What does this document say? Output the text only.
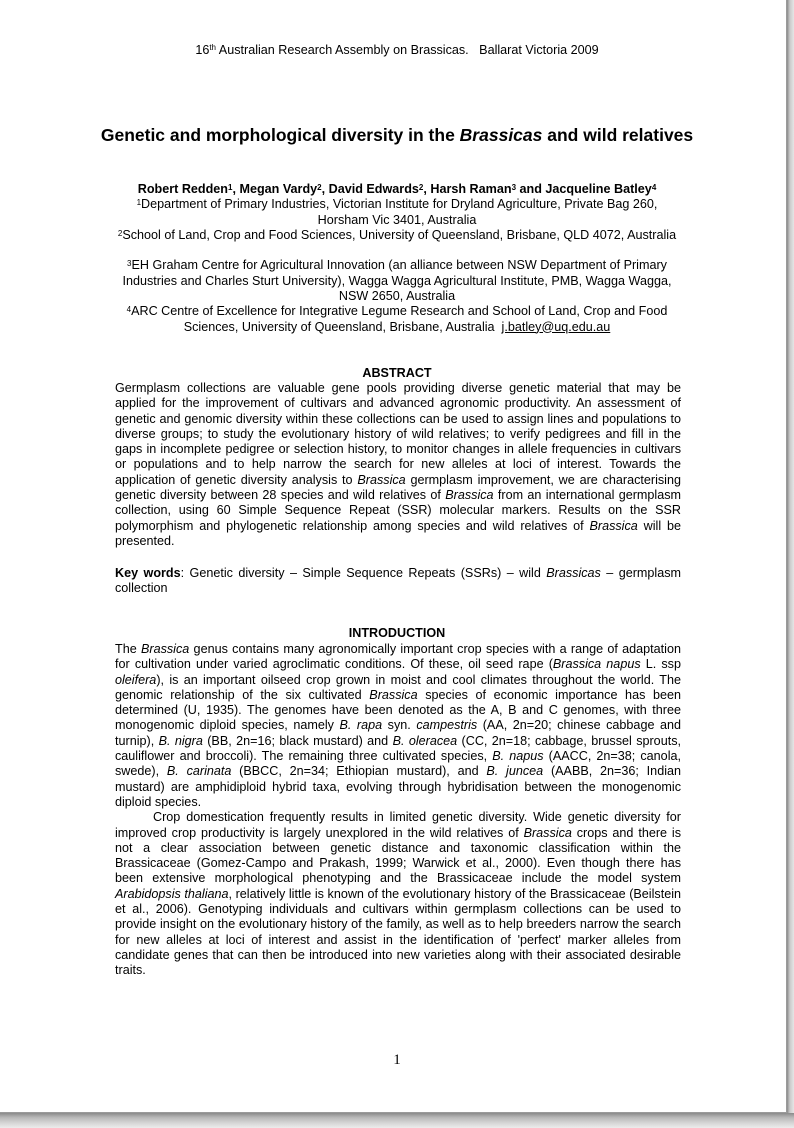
16th Australian Research Assembly on Brassicas.   Ballarat Victoria 2009
Genetic and morphological diversity in the Brassicas and wild relatives
Robert Redden$^1$, Megan Vardy$^2$, David Edwards$^2$, Harsh Raman$^3$ and Jacqueline Batley$^4$
$^1$Department of Primary Industries, Victorian Institute for Dryland Agriculture, Private Bag 260, Horsham Vic 3401, Australia
$^2$School of Land, Crop and Food Sciences, University of Queensland, Brisbane, QLD 4072, Australia
$^3$EH Graham Centre for Agricultural Innovation (an alliance between NSW Department of Primary Industries and Charles Sturt University), Wagga Wagga Agricultural Institute, PMB, Wagga Wagga, NSW 2650, Australia
$^4$ARC Centre of Excellence for Integrative Legume Research and School of Land, Crop and Food Sciences, University of Queensland, Brisbane, Australia  j.batley@uq.edu.au
ABSTRACT
Germplasm collections are valuable gene pools providing diverse genetic material that may be applied for the improvement of cultivars and advanced agronomic productivity. An assessment of genetic and genomic diversity within these collections can be used to assign lines and populations to diverse groups; to study the evolutionary history of wild relatives; to verify pedigrees and fill in the gaps in incomplete pedigree or selection history, to monitor changes in allele frequencies in cultivars or populations and to help narrow the search for new alleles at loci of interest. Towards the application of genetic diversity analysis to Brassica germplasm improvement, we are characterising genetic diversity between 28 species and wild relatives of Brassica from an international germplasm collection, using 60 Simple Sequence Repeat (SSR) molecular markers. Results on the SSR polymorphism and phylogenetic relationship among species and wild relatives of Brassica will be presented.
Key words: Genetic diversity – Simple Sequence Repeats (SSRs) – wild Brassicas – germplasm collection
INTRODUCTION

The Brassica genus contains many agronomically important crop species with a range of adaptation for cultivation under varied agroclimatic conditions. Of these, oil seed rape (Brassica napus L. ssp oleifera), is an important oilseed crop grown in moist and cool climates throughout the world. The genomic relationship of the six cultivated Brassica species of economic importance has been determined (U, 1935). The genomes have been denoted as the A, B and C genomes, with three monogenomic diploid species, namely B. rapa syn. campestris (AA, 2n=20; chinese cabbage and turnip), B. nigra (BB, 2n=16; black mustard) and B. oleracea (CC, 2n=18; cabbage, brussel sprouts, cauliflower and broccoli). The remaining three cultivated species, B. napus (AACC, 2n=38; canola, swede), B. carinata (BBCC, 2n=34; Ethiopian mustard), and B. juncea (AABB, 2n=36; Indian mustard) are amphidiploid hybrid taxa, evolving through hybridisation between the monogenomic diploid species.

Crop domestication frequently results in limited genetic diversity. Wide genetic diversity for improved crop productivity is largely unexplored in the wild relatives of Brassica crops and there is not a clear association between genetic distance and taxonomic classification within the Brassicaceae (Gomez-Campo and Prakash, 1999; Warwick et al., 2000). Even though there has been extensive morphological phenotyping and the Brassicaceae include the model system Arabidopsis thaliana, relatively little is known of the evolutionary history of the Brassicaceae (Beilstein et al., 2006). Genotyping individuals and cultivars within germplasm collections can be used to provide insight on the evolutionary history of the family, as well as to help breeders narrow the search for new alleles at loci of interest and assist in the identification of 'perfect' marker alleles from candidate genes that can then be introduced into new varieties along with their associated desirable traits.

1
